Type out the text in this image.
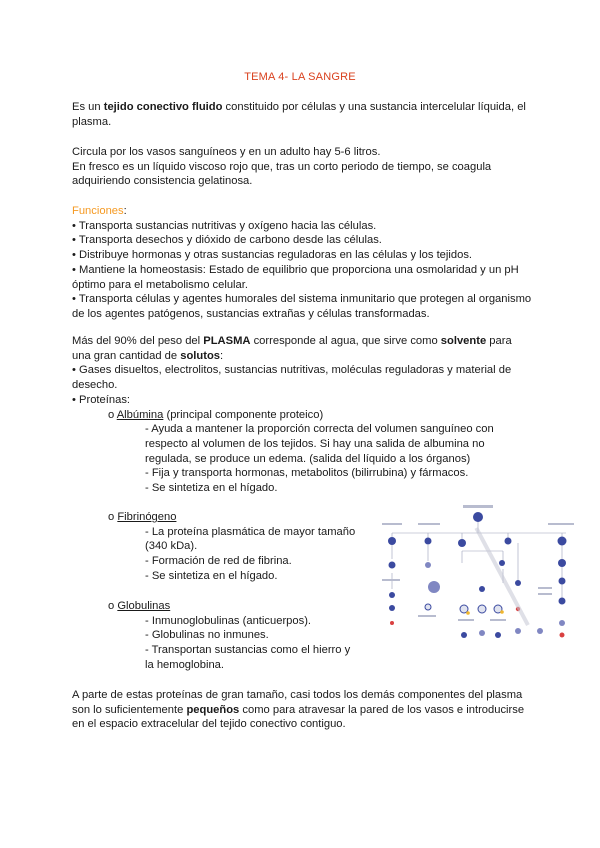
TEMA 4- LA SANGRE
Es un tejido conectivo fluido constituido por células y una sustancia intercelular líquida, el plasma.

Circula por los vasos sanguíneos y en un adulto hay 5-6 litros.

En fresco es un líquido viscoso rojo que, tras un corto periodo de tiempo, se coagula adquiriendo consistencia gelatinosa.

Funciones:

• Transporta sustancias nutritivas y oxígeno hacia las células.

• Transporta desechos y dióxido de carbono desde las células.

• Distribuye hormonas y otras sustancias reguladoras en las células y los tejidos.

• Mantiene la homeostasis: Estado de equilibrio que proporciona una osmolaridad y un pH óptimo para el metabolismo celular.

• Transporta células y agentes humorales del sistema inmunitario que protegen al organismo de los agentes patógenos, sustancias extrañas y células transformadas.

Más del 90% del peso del PLASMA corresponde al agua, que sirve como solvente para una gran cantidad de solutos:

• Gases disueltos, electrolitos, sustancias nutritivas, moléculas reguladoras y material de desecho.

• Proteínas:

o Albúmina (principal componente proteico)

- Ayuda a mantener la proporción correcta del volumen sanguíneo con respecto al volumen de los tejidos. Si hay una salida de albumina no regulada, se produce un edema. (salida del líquido a los órganos)

- Fija y transporta hormonas, metabolitos (bilirrubina) y fármacos.

- Se sintetiza en el hígado.

o Fibrinógeno

- La proteína plasmática de mayor tamaño (340 kDa).

- Formación de red de fibrina.

- Se sintetiza en el hígado.

o Globulinas

- Inmunoglobulinas (anticuerpos).

- Globulinas no inmunes.

- Transportan sustancias como el hierro y la hemoglobina.

A parte de estas proteínas de gran tamaño, casi todos los demás componentes del plasma son lo suficientemente pequeños como para atravesar la pared de los vasos e introducirse en el espacio extracelular del tejido conectivo contiguo.
